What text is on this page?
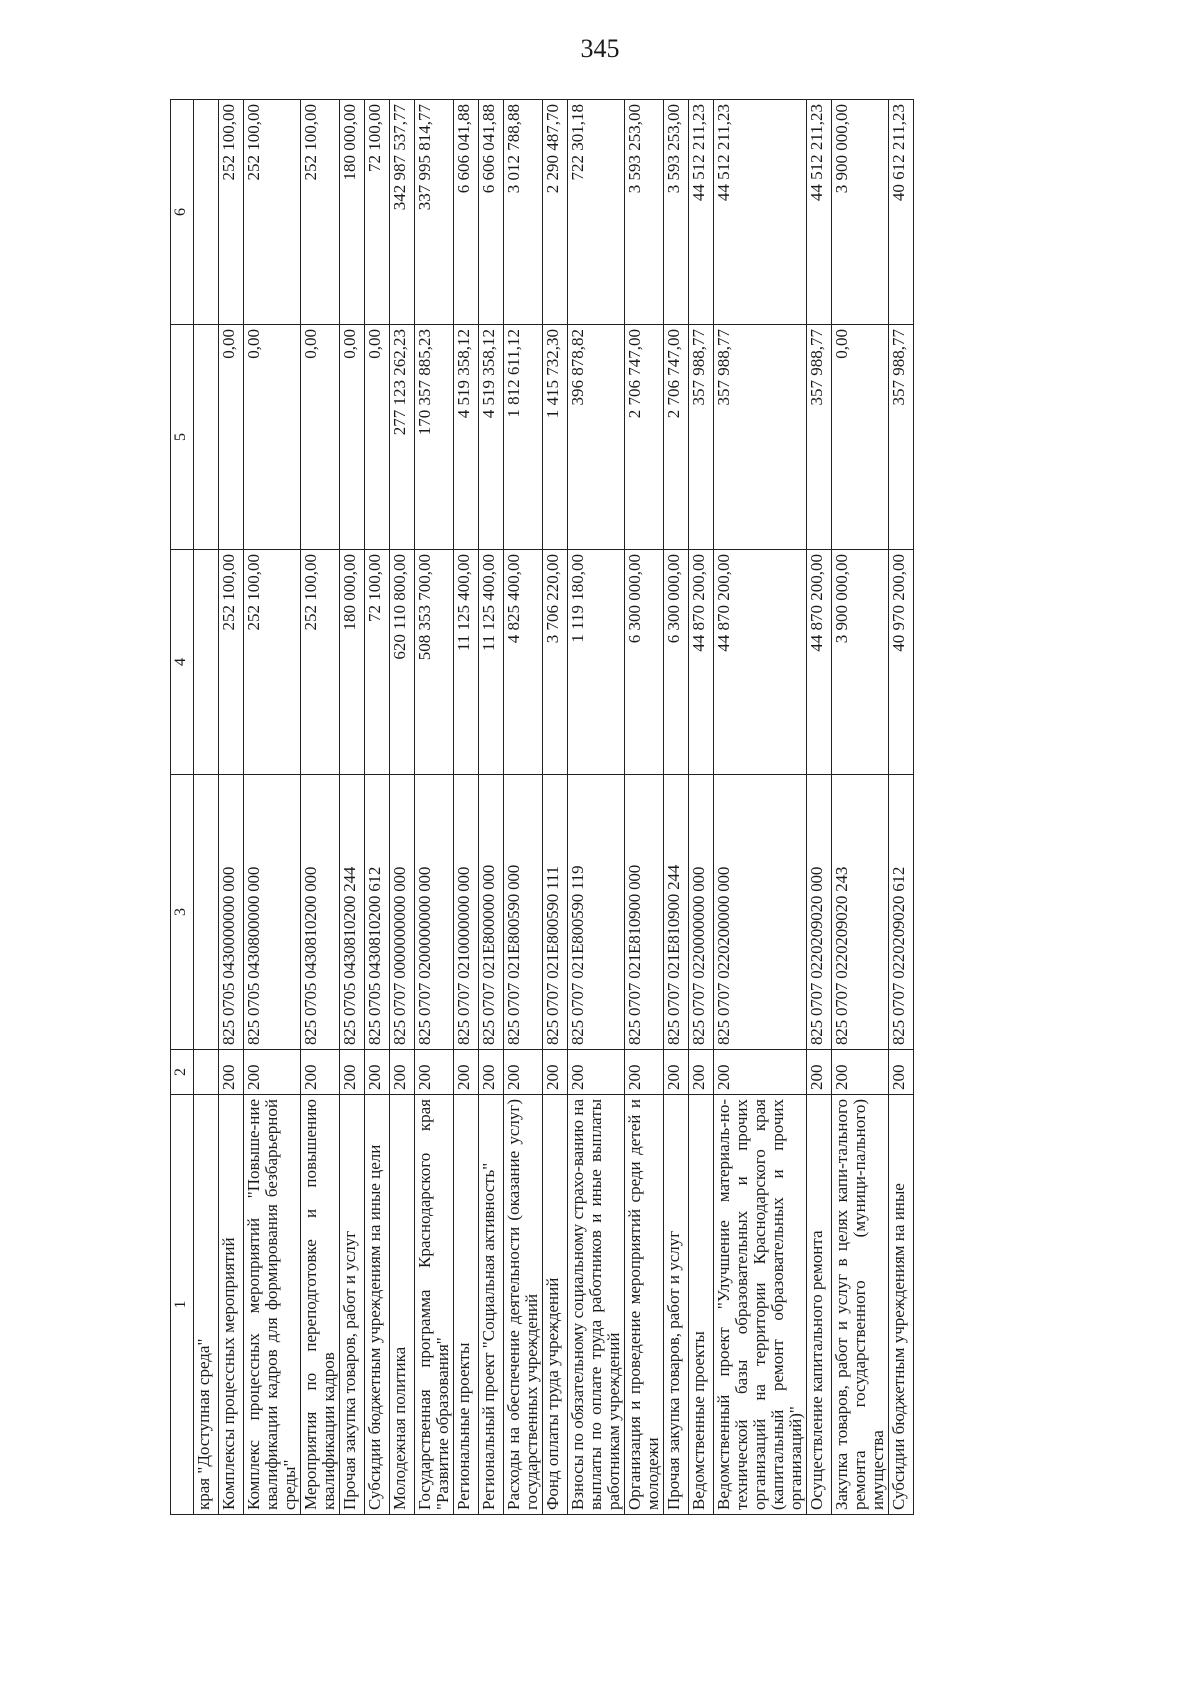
345
1	2	3	4	5	6
края "Доступная среда"					
Комплексы процессных мероприятий	200	825 0705 0430000000 000	252 100,00	0,00	252 100,00
Комплекс процессных мероприятий "Повыше-ние квалификации кадров для формирования безбарьерной среды"	200	825 0705 0430800000 000	252 100,00	0,00	252 100,00
Мероприятия по переподготовке и повышению квалификации кадров	200	825 0705 0430810200 000	252 100,00	0,00	252 100,00
Прочая закупка товаров, работ и услуг	200	825 0705 0430810200 244	180 000,00	0,00	180 000,00
Субсидии бюджетным учреждениям на иные цели	200	825 0705 0430810200 612	72 100,00	0,00	72 100,00
Молодежная политика	200	825 0707 0000000000 000	620 110 800,00	277 123 262,23	342 987 537,77
Государственная программа Краснодарского края "Развитие образования"	200	825 0707 0200000000 000	508 353 700,00	170 357 885,23	337 995 814,77
Региональные проекты	200	825 0707 0210000000 000	11 125 400,00	4 519 358,12	6 606 041,88
Региональный проект "Социальная активность"	200	825 0707 021Е800000 000	11 125 400,00	4 519 358,12	6 606 041,88
Расходы на обеспечение деятельности (оказание услуг) государственных учреждений	200	825 0707 021Е800590 000	4 825 400,00	1 812 611,12	3 012 788,88
Фонд оплаты труда учреждений	200	825 0707 021Е800590 111	3 706 220,00	1 415 732,30	2 290 487,70
Взносы по обязательному социальному страхо-ванию на выплаты по оплате труда работников и иные выплаты работникам учреждений	200	825 0707 021Е800590 119	1 119 180,00	396 878,82	722 301,18
Организация и проведение мероприятий среди детей и молодежи	200	825 0707 021Е810900 000	6 300 000,00	2 706 747,00	3 593 253,00
Прочая закупка товаров, работ и услуг	200	825 0707 021Е810900 244	6 300 000,00	2 706 747,00	3 593 253,00
Ведомственные проекты	200	825 0707 0220000000 000	44 870 200,00	357 988,77	44 512 211,23
Ведомственный проект "Улучшение материаль-но-технической базы образовательных и прочих организаций на территории Краснодарского края (капитальный ремонт образовательных и прочих организаций)"	200	825 0707 0220200000 000	44 870 200,00	357 988,77	44 512 211,23
Осуществление капитального ремонта	200	825 0707 0220209020 000	44 870 200,00	357 988,77	44 512 211,23
Закупка товаров, работ и услуг в целях капи-тального ремонта государственного (муници-пального) имущества	200	825 0707 0220209020 243	3 900 000,00	0,00	3 900 000,00
Субсидии бюджетным учреждениям на иные	200	825 0707 0220209020 612	40 970 200,00	357 988,77	40 612 211,23
